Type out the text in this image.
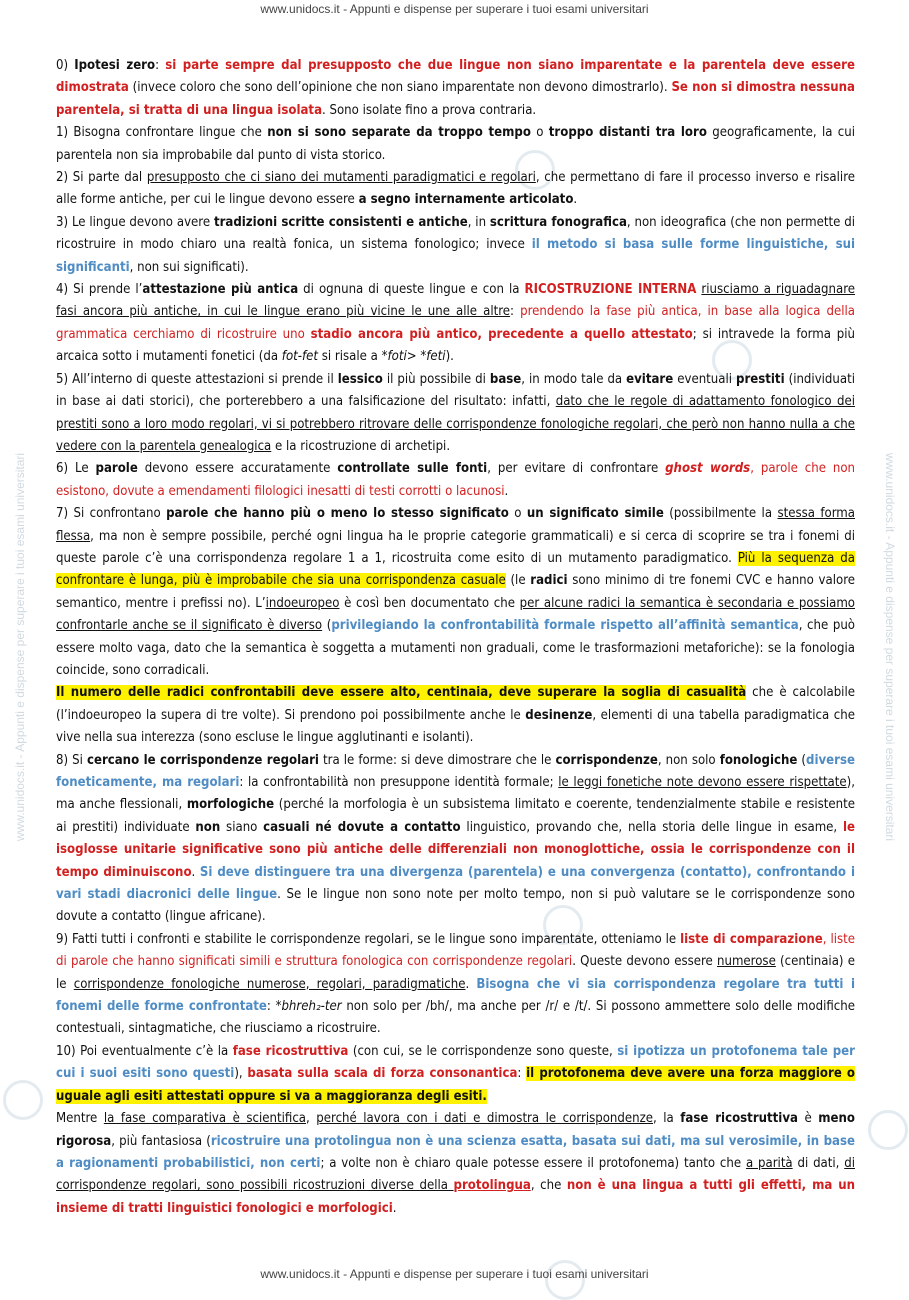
www.unidocs.it - Appunti e dispense per superare i tuoi esami universitari
www.unidocs.it - Appunti e dispense per superare i tuoi esami universitari	www.unidocs.it - Appunti e dispense per superare i tuoi esami universitari

0) Ipotesi zero: si parte sempre dal presupposto che due lingue non siano imparentate e la parentela deve essere dimostrata (invece coloro che sono dell’opinione che non siano imparentate non devono dimostrarlo). Se non si dimostra nessuna parentela, si tratta di una lingua isolata. Sono isolate fino a prova contraria.

1) Bisogna confrontare lingue che non si sono separate da troppo tempo o troppo distanti tra loro geograficamente, la cui parentela non sia improbabile dal punto di vista storico.

2) Si parte dal presupposto che ci siano dei mutamenti paradigmatici e regolari, che permettano di fare il processo inverso e risalire alle forme antiche, per cui le lingue devono essere a segno internamente articolato.

3) Le lingue devono avere tradizioni scritte consistenti e antiche, in scrittura fonografica, non ideografica (che non permette di ricostruire in modo chiaro una realtà fonica, un sistema fonologico; invece il metodo si basa sulle forme linguistiche, sui significanti, non sui significati).

4) Si prende l’attestazione più antica di ognuna di queste lingue e con la RICOSTRUZIONE INTERNA riusciamo a riguadagnare fasi ancora più antiche, in cui le lingue erano più vicine le une alle altre: prendendo la fase più antica, in base alla logica della grammatica cerchiamo di ricostruire uno stadio ancora più antico, precedente a quello attestato; si intravede la forma più arcaica sotto i mutamenti fonetici (da fot-fet si risale a *foti> *feti).

5) All’interno di queste attestazioni si prende il lessico il più possibile di base, in modo tale da evitare eventuali prestiti (individuati in base ai dati storici), che porterebbero a una falsificazione del risultato: infatti, dato che le regole di adattamento fonologico dei prestiti sono a loro modo regolari, vi si potrebbero ritrovare delle corrispondenze fonologiche regolari, che però non hanno nulla a che vedere con la parentela genealogica e la ricostruzione di archetipi.

6) Le parole devono essere accuratamente controllate sulle fonti, per evitare di confrontare ghost words, parole che non esistono, dovute a emendamenti filologici inesatti di testi corrotti o lacunosi.

7) Si confrontano parole che hanno più o meno lo stesso significato o un significato simile (possibilmente la stessa forma flessa, ma non è sempre possibile, perché ogni lingua ha le proprie categorie grammaticali) e si cerca di scoprire se tra i fonemi di queste parole c’è una corrispondenza regolare 1 a 1, ricostruita come esito di un mutamento paradigmatico. Più la sequenza da confrontare è lunga, più è improbabile che sia una corrispondenza casuale (le radici sono minimo di tre fonemi CVC e hanno valore semantico, mentre i prefissi no). L’indoeuropeo è così ben documentato che per alcune radici la semantica è secondaria e possiamo confrontarle anche se il significato è diverso (privilegiando la confrontabilità formale rispetto all’affinità semantica, che può essere molto vaga, dato che la semantica è soggetta a mutamenti non graduali, come le trasformazioni metaforiche): se la fonologia coincide, sono corradicali.

Il numero delle radici confrontabili deve essere alto, centinaia, deve superare la soglia di casualità che è calcolabile (l’indoeuropeo la supera di tre volte). Si prendono poi possibilmente anche le desinenze, elementi di una tabella paradigmatica che vive nella sua interezza (sono escluse le lingue agglutinanti e isolanti).

8) Si cercano le corrispondenze regolari tra le forme: si deve dimostrare che le corrispondenze, non solo fonologiche (diverse foneticamente, ma regolari: la confrontabilità non presuppone identità formale; le leggi fonetiche note devono essere rispettate), ma anche flessionali, morfologiche (perché la morfologia è un subsistema limitato e coerente, tendenzialmente stabile e resistente ai prestiti) individuate non siano casuali né dovute a contatto linguistico, provando che, nella storia delle lingue in esame, le isoglosse unitarie significative sono più antiche delle differenziali non monoglottiche, ossia le corrispondenze con il tempo diminuiscono. Si deve distinguere tra una divergenza (parentela) e una convergenza (contatto), confrontando i vari stadi diacronici delle lingue. Se le lingue non sono note per molto tempo, non si può valutare se le corrispondenze sono dovute a contatto (lingue africane).

9) Fatti tutti i confronti e stabilite le corrispondenze regolari, se le lingue sono imparentate, otteniamo le liste di comparazione, liste di parole che hanno significati simili e struttura fonologica con corrispondenze regolari. Queste devono essere numerose (centinaia) e le corrispondenze fonologiche numerose, regolari, paradigmatiche. Bisogna che vi sia corrispondenza regolare tra tutti i fonemi delle forme confrontate: *bhreh₂-ter non solo per /bh/, ma anche per /r/ e /t/. Si possono ammettere solo delle modifiche contestuali, sintagmatiche, che riusciamo a ricostruire.

10) Poi eventualmente c’è la fase ricostruttiva (con cui, se le corrispondenze sono queste, si ipotizza un protofonema tale per cui i suoi esiti sono questi), basata sulla scala di forza consonantica: il protofonema deve avere una forza maggiore o uguale agli esiti attestati oppure si va a maggioranza degli esiti.

Mentre la fase comparativa è scientifica, perché lavora con i dati e dimostra le corrispondenze, la fase ricostruttiva è meno rigorosa, più fantasiosa (ricostruire una protolingua non è una scienza esatta, basata sui dati, ma sul verosimile, in base a ragionamenti probabilistici, non certi; a volte non è chiaro quale potesse essere il protofonema) tanto che a parità di dati, di corrispondenze regolari, sono possibili ricostruzioni diverse della protolingua, che non è una lingua a tutti gli effetti, ma un insieme di tratti linguistici fonologici e morfologici.

www.unidocs.it - Appunti e dispense per superare i tuoi esami universitari
